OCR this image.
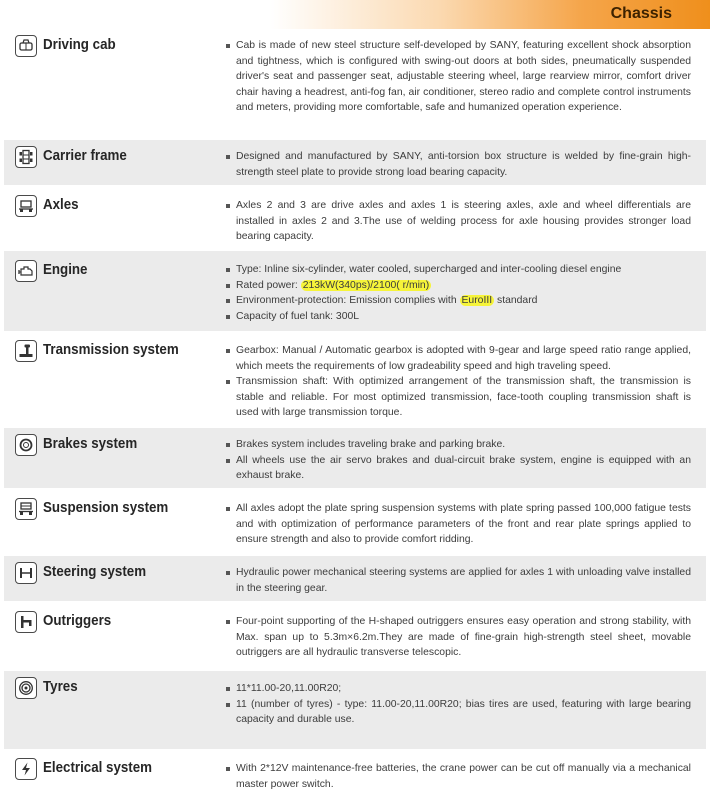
Chassis
Driving cab	Cab is made of new steel structure self-developed by SANY, featuring excellent shock absorption and tightness, which is configured with swing-out doors at both sides, pneumatically suspended driver's seat and passenger seat, adjustable steering wheel, large rearview mirror, comfort driver chair having a headrest, anti-fog fan, air conditioner, stereo radio and complete control instruments and meters, providing more comfortable, safe and humanized operation experience.
Carrier frame	Designed and manufactured by SANY, anti-torsion box structure is welded by fine-grain high-strength steel plate to provide strong load bearing capacity.
Axles	Axles 2 and 3 are drive axles and axles 1 is steering axles, axle and wheel differentials are installed in axles 2 and 3.The use of welding process for axle housing provides stronger load bearing capacity.
Engine	Type: Inline six-cylinder, water cooled, supercharged and inter-cooling diesel engine
Rated power: 213kW(340ps)/2100( r/min)
Environment-protection: Emission complies with EuroIII standard
Capacity of fuel tank: 300L
Transmission system	Gearbox: Manual / Automatic gearbox is adopted with 9-gear and large speed ratio range applied, which meets the requirements of low gradeability speed and high traveling speed.
Transmission shaft: With optimized arrangement of the transmission shaft, the transmission is stable and reliable. For most optimized transmission, face-tooth coupling transmission shaft is used with large transmission torque.
Brakes system	Brakes system includes traveling brake and parking brake.
All wheels use the air servo brakes and dual-circuit brake system, engine is equipped with an exhaust brake.
Suspension system	All axles adopt the plate spring suspension systems with plate spring passed 100,000 fatigue tests and with optimization of performance parameters of the front and rear plate springs applied to ensure strength and also to provide comfort ridding.
Steering system	Hydraulic power mechanical steering systems are applied for axles 1 with unloading valve installed in the steering gear.
Outriggers	Four-point supporting of the H-shaped outriggers ensures easy operation and strong stability, with Max. span up to 5.3m×6.2m.They are made of fine-grain high-strength steel sheet, movable outriggers are all hydraulic transverse telescopic.
Tyres	11*11.00-20,11.00R20;
11 (number of tyres) - type: 11.00-20,11.00R20; bias tires are used, featuring with large bearing capacity and durable use.
Electrical system	With 2*12V maintenance-free batteries, the crane power can be cut off manually via a mechanical master power switch.
